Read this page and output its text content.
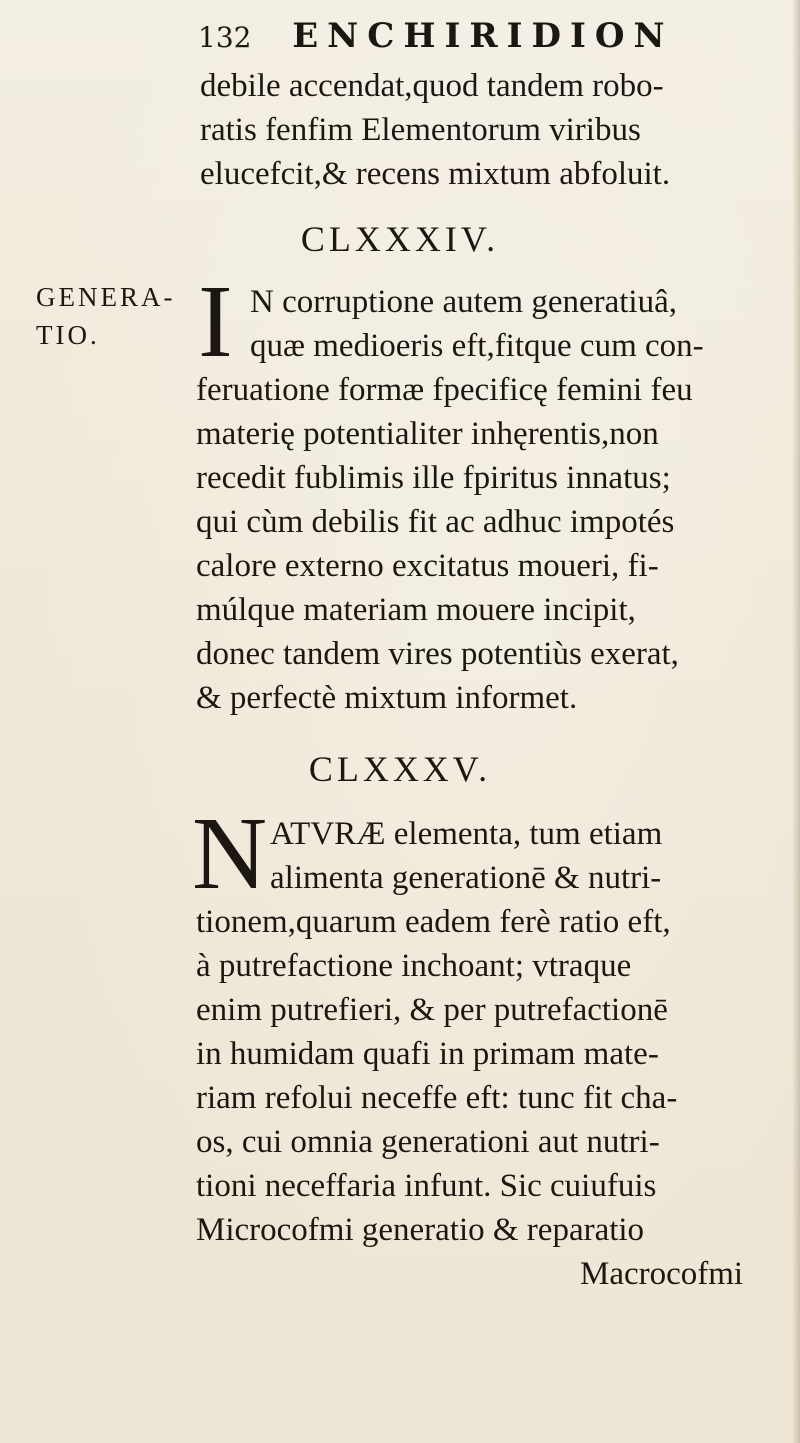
132 ENCHIRIDION
debile accendat,quod tandem robo-
ratis fenfim Elementorum viribus
elucefcit,& recens mixtum abfoluit.
CLXXXIV.
GENERA-
TIO. I N corruptione autem generatiuâ,
quæ medioeris eft,fitque cum con-
feruatione formæ fpecificę femini feu
materię potentialiter inhęrentis,non
recedit fublimis ille fpiritus innatus;
qui cùm debilis fit ac adhuc impotés
calore externo excitatus moueri, fi-
múlque materiam mouere incipit,
donec tandem vires potentiùs exerat,
& perfectè mixtum informet.
CLXXXV.
N ATVRÆ elementa, tum etiam
alimenta generationē & nutri-
tionem,quarum eadem ferè ratio eft,
à putrefactione inchoant; vtraque
enim putrefieri, & per putrefactionē
in humidam quafi in primam mate-
riam refolui neceffe eft: tunc fit cha-
os, cui omnia generationi aut nutri-
tioni neceffaria infunt. Sic cuiufuis
Microcofmi generatio & reparatio
Macrocofmi
